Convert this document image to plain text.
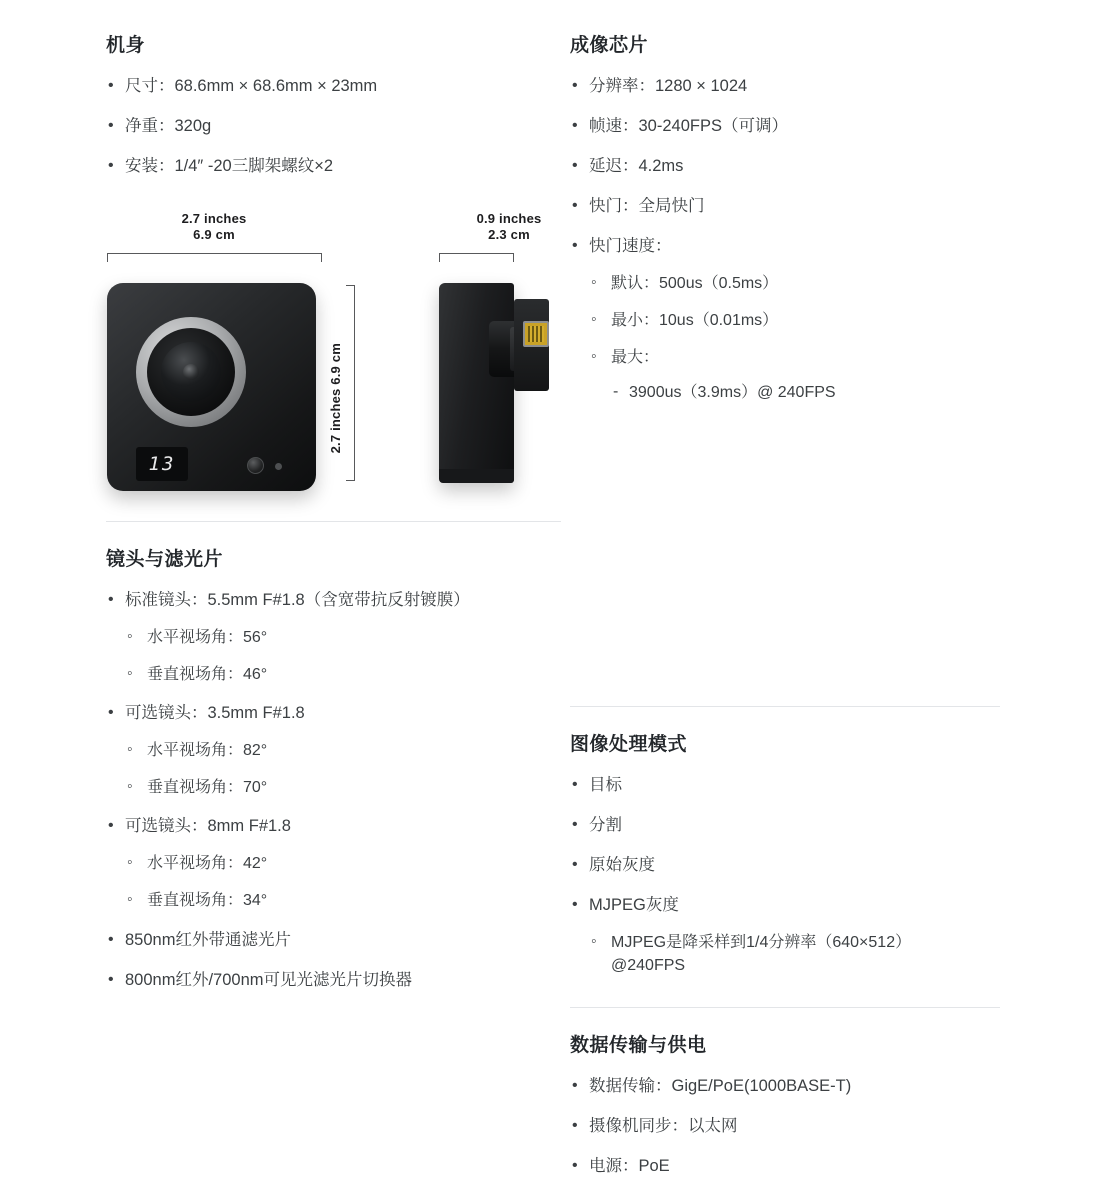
机身
• 尺寸：68.6mm × 68.6mm × 23mm
• 净重：320g
• 安装：1/4″ -20三脚架螺纹×2
2.7 inches
6.9 cm
0.9 inches
2.3 cm
13
2.7 inches 6.9 cm
镜头与滤光片
• 标准镜头：5.5mm F#1.8（含宽带抗反射镀膜）
◦ 水平视场角：56°
◦ 垂直视场角：46°
• 可选镜头：3.5mm F#1.8
◦ 水平视场角：82°
◦ 垂直视场角：70°
• 可选镜头：8mm F#1.8
◦ 水平视场角：42°
◦ 垂直视场角：34°
• 850nm红外带通滤光片
• 800nm红外/700nm可见光滤光片切换器
成像芯片
• 分辨率：1280 × 1024
• 帧速：30-240FPS（可调）
• 延迟：4.2ms
• 快门：全局快门
• 快门速度：
◦ 默认：500us（0.5ms）
◦ 最小：10us（0.01ms）
◦ 最大：
- 3900us（3.9ms）@ 240FPS
图像处理模式
• 目标
• 分割
• 原始灰度
• MJPEG灰度
◦ MJPEG是降采样到1/4分辨率（640×512）
@240FPS
数据传输与供电
• 数据传输：GigE/PoE(1000BASE-T)
• 摄像机同步：以太网
• 电源：PoE
